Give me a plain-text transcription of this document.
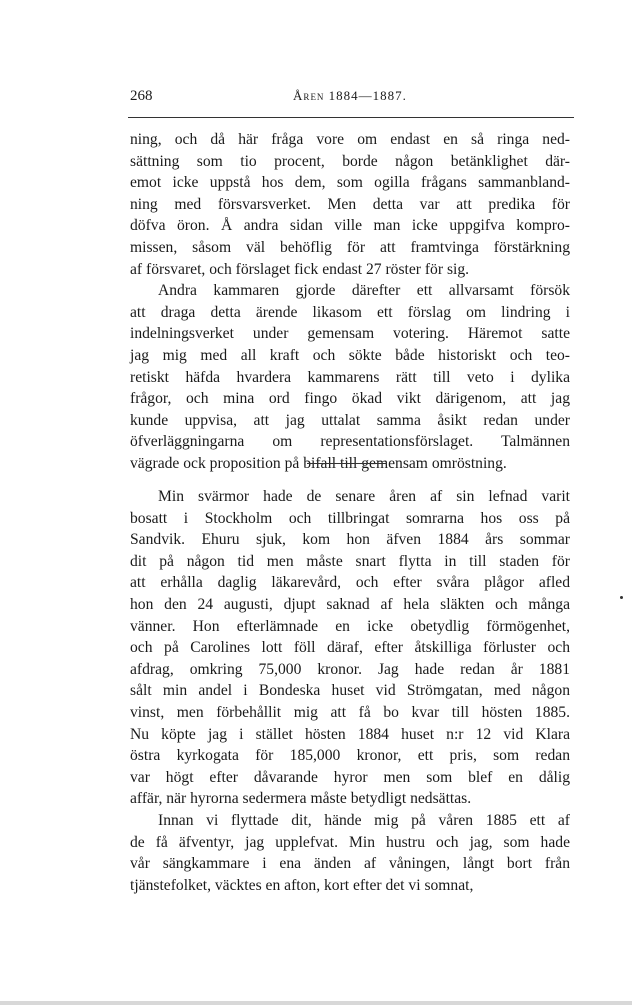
268	Åren 1884—1887.
ning, och då här fråga vore om endast en så ringa ned-
sättning som tio procent, borde någon betänklighet där-
emot icke uppstå hos dem, som ogilla frågans sammanbland-
ning med försvarsverket. Men detta var att predika för
döfva öron. Å andra sidan ville man icke uppgifva kompro-
missen, såsom väl behöflig för att framtvinga förstärkning
af försvaret, och förslaget fick endast 27 röster för sig.
Andra kammaren gjorde därefter ett allvarsamt försök
att draga detta ärende likasom ett förslag om lindring i
indelningsverket under gemensam votering. Häremot satte
jag mig med all kraft och sökte både historiskt och teo-
retiskt häfda hvardera kammarens rätt till veto i dylika
frågor, och mina ord fingo ökad vikt därigenom, att jag
kunde uppvisa, att jag uttalat samma åsikt redan under
öfverläggningarna om representationsförslaget. Talmännen
vägrade ock proposition på bifall till gemensam omröstning.
Min svärmor hade de senare åren af sin lefnad varit
bosatt i Stockholm och tillbringat somrarna hos oss på
Sandvik. Ehuru sjuk, kom hon äfven 1884 års sommar
dit på någon tid men måste snart flytta in till staden för
att erhålla daglig läkarevård, och efter svåra plågor afled
hon den 24 augusti, djupt saknad af hela släkten och många
vänner. Hon efterlämnade en icke obetydlig förmögenhet,
och på Carolines lott föll däraf, efter åtskilliga förluster och
afdrag, omkring 75,000 kronor. Jag hade redan år 1881
sålt min andel i Bondeska huset vid Strömgatan, med någon
vinst, men förbehållit mig att få bo kvar till hösten 1885.
Nu köpte jag i stället hösten 1884 huset n:r 12 vid Klara
östra kyrkogata för 185,000 kronor, ett pris, som redan
var högt efter dåvarande hyror men som blef en dålig
affär, när hyrorna sedermera måste betydligt nedsättas.
Innan vi flyttade dit, hände mig på våren 1885 ett af
de få äfventyr, jag upplefvat. Min hustru och jag, som hade
vår sängkammare i ena änden af våningen, långt bort från
tjänstefolket, väcktes en afton, kort efter det vi somnat,
